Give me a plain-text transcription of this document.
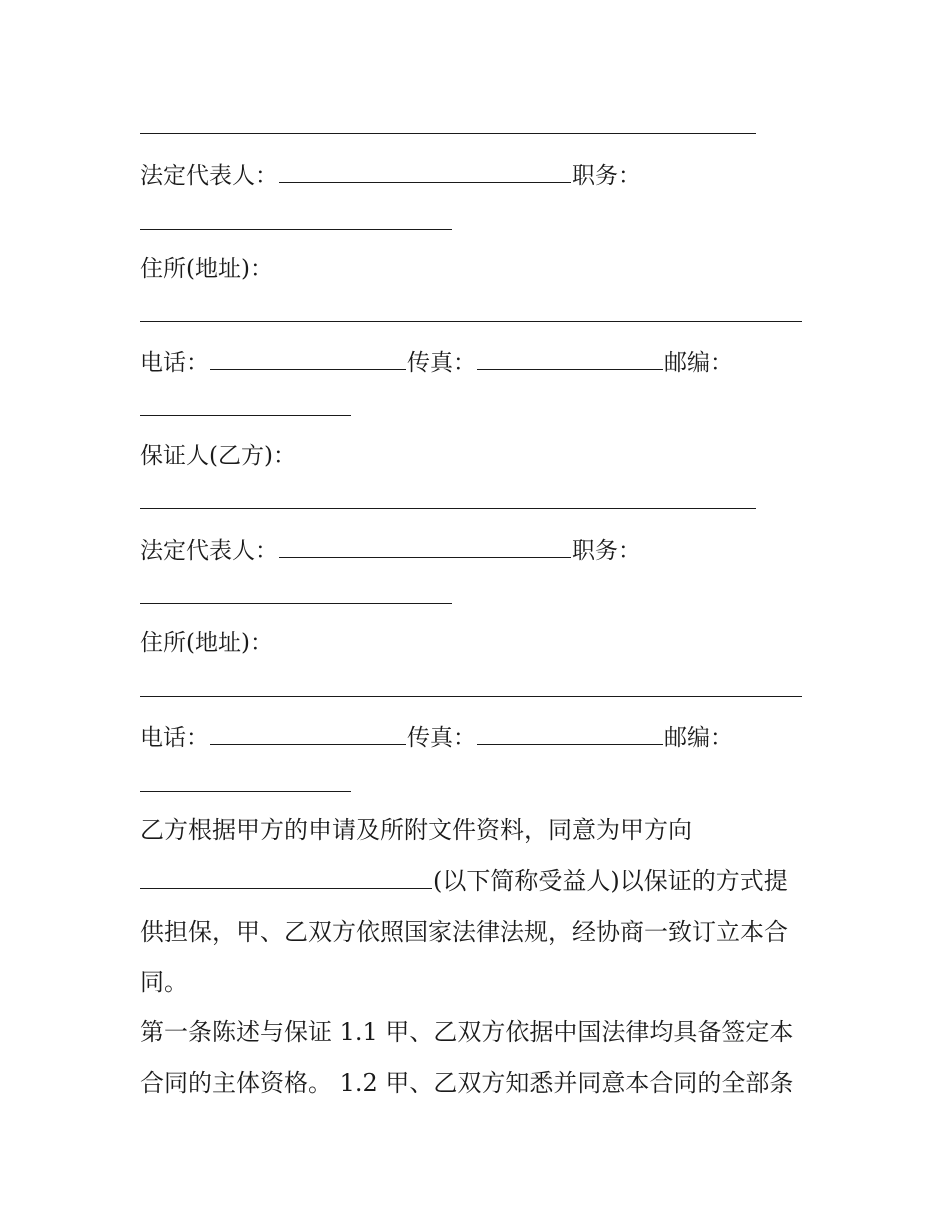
法定代表人：	职务：
住所(地址)：
电话：	传真：	邮编：
保证人(乙方)：
法定代表人：	职务：
住所(地址)：
电话：	传真：	邮编：
乙方根据甲方的申请及所附文件资料，同意为甲方向
(以下简称受益人)以保证的方式提
供担保，甲、乙双方依照国家法律法规，经协商一致订立本合
同。
第一条陈述与保证 1.1 甲、乙双方依据中国法律均具备签定本
合同的主体资格。 1.2 甲、乙双方知悉并同意本合同的全部条
